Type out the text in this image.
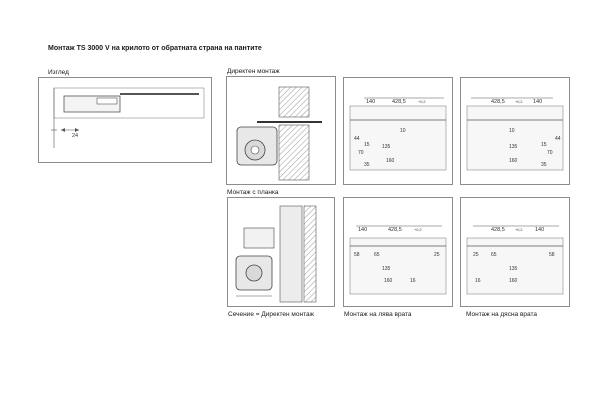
Монтаж TS 3000 V на крилото от обратната страна на пантите
Изглед	Директен монтаж
Монтаж с планка
Сечение = Директен монтаж	Монтаж на лява врата	Монтаж на дясна врата
24
140	428,5	+0,2
44
70
135
160
10
15
35
428,5	+0,2 140
44
135
160
10
70
15
35
140	428,5	+0,2
58
135
160	16
65	25
428,5	+0,2 140
58
135
160
16
65
25
